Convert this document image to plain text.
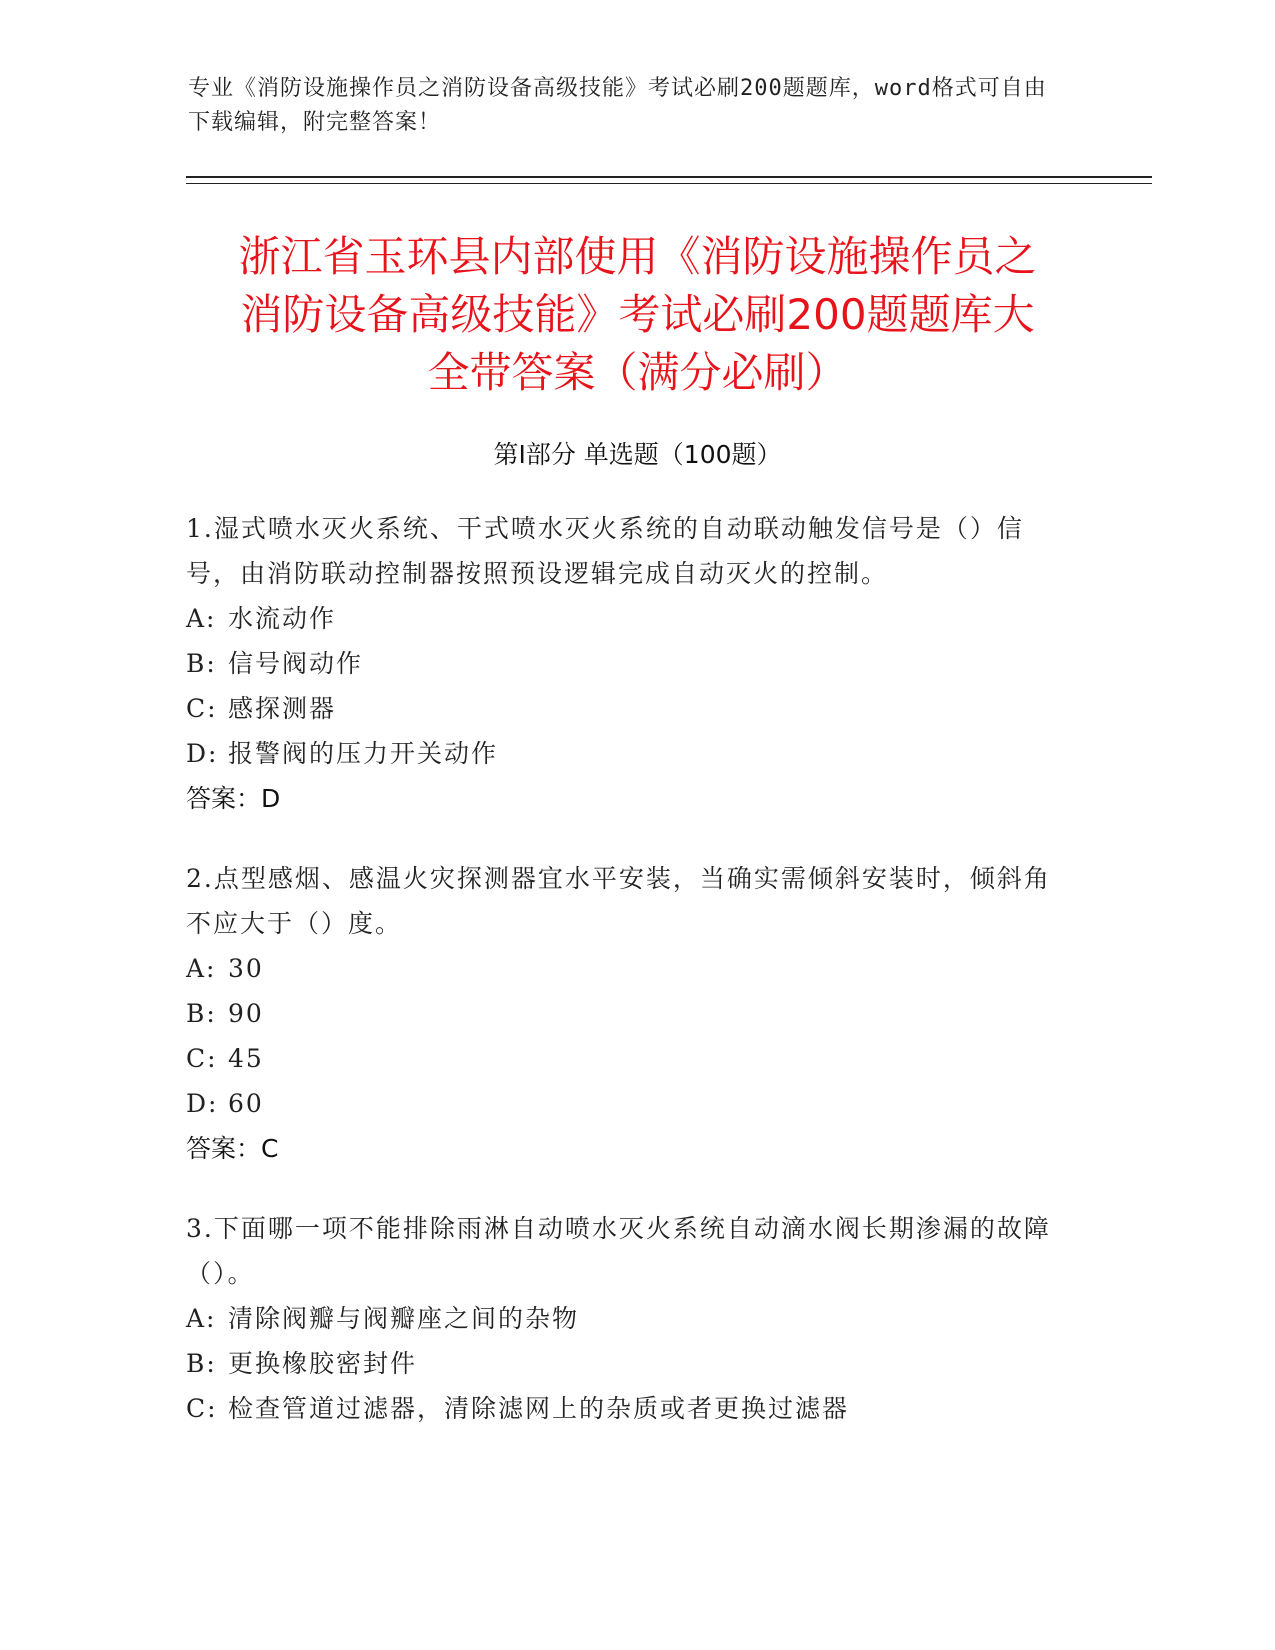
专业《消防设施操作员之消防设备高级技能》考试必刷200题题库，word格式可自由下载编辑，附完整答案！
浙江省玉环县内部使用《消防设施操作员之
消防设备高级技能》考试必刷200题题库大
全带答案（满分必刷）
第Ⅰ部分 单选题（100题）

1.湿式喷水灭火系统、干式喷水灭火系统的自动联动触发信号是（）信号，由消防联动控制器按照预设逻辑完成自动灭火的控制。

A: 水流动作

B: 信号阀动作

C: 感探测器

D: 报警阀的压力开关动作

答案：D

2.点型感烟、感温火灾探测器宜水平安装，当确实需倾斜安装时，倾斜角不应大于（）度。

A: 30

B: 90

C: 45

D: 60

答案：C

3.下面哪一项不能排除雨淋自动喷水灭火系统自动滴水阀长期渗漏的故障（）。

A: 清除阀瓣与阀瓣座之间的杂物

B: 更换橡胶密封件

C: 检查管道过滤器，清除滤网上的杂质或者更换过滤器
